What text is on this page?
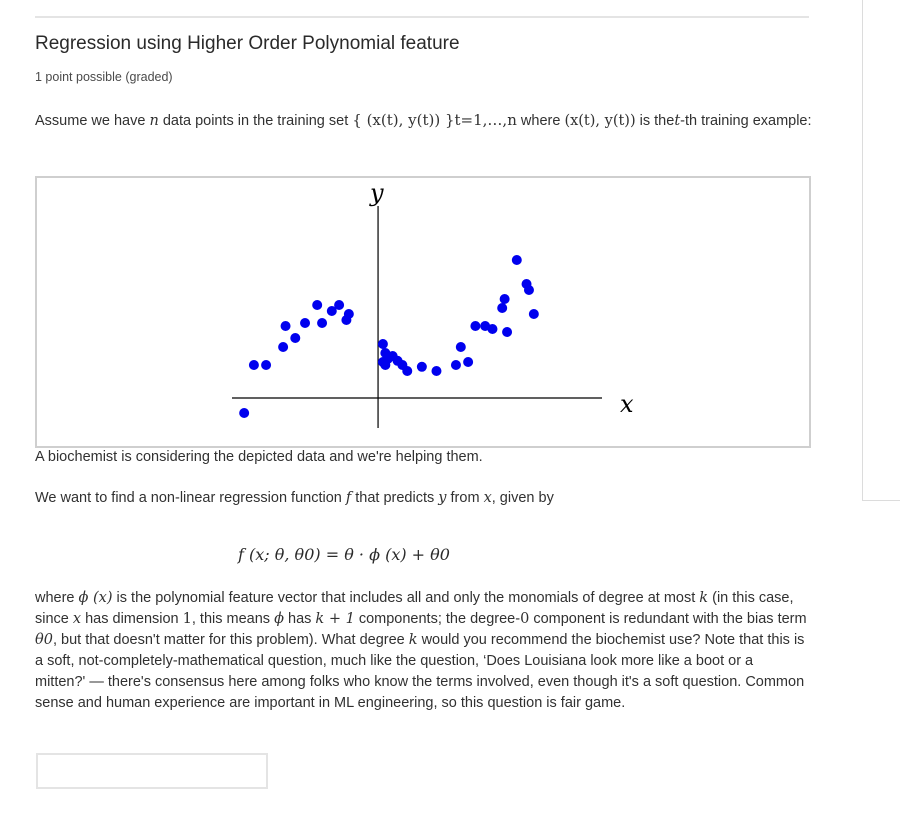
Regression using Higher Order Polynomial feature
1 point possible (graded)
Assume we have n data points in the training set { (x(t), y(t)) }t=1,…,n where (x(t), y(t)) is thet-th training example:
x
y
A biochemist is considering the depicted data and we're helping them.
We want to find a non-linear regression function f that predicts y from x, given by
f (x; θ, θ0) = θ · ϕ (x) + θ0
where ϕ (x) is the polynomial feature vector that includes all and only the monomials of degree at most k (in this case, since x has dimension 1, this means ϕ has k + 1 components; the degree-0 component is redundant with the bias term θ0, but that doesn't matter for this problem). What degree k would you recommend the biochemist use? Note that this is a soft, not-completely-mathematical question, much like the question, ‘Does Louisiana look more like a boot or a mitten?' — there's consensus here among folks who know the terms involved, even though it's a soft question. Common sense and human experience are important in ML engineering, so this question is fair game.
